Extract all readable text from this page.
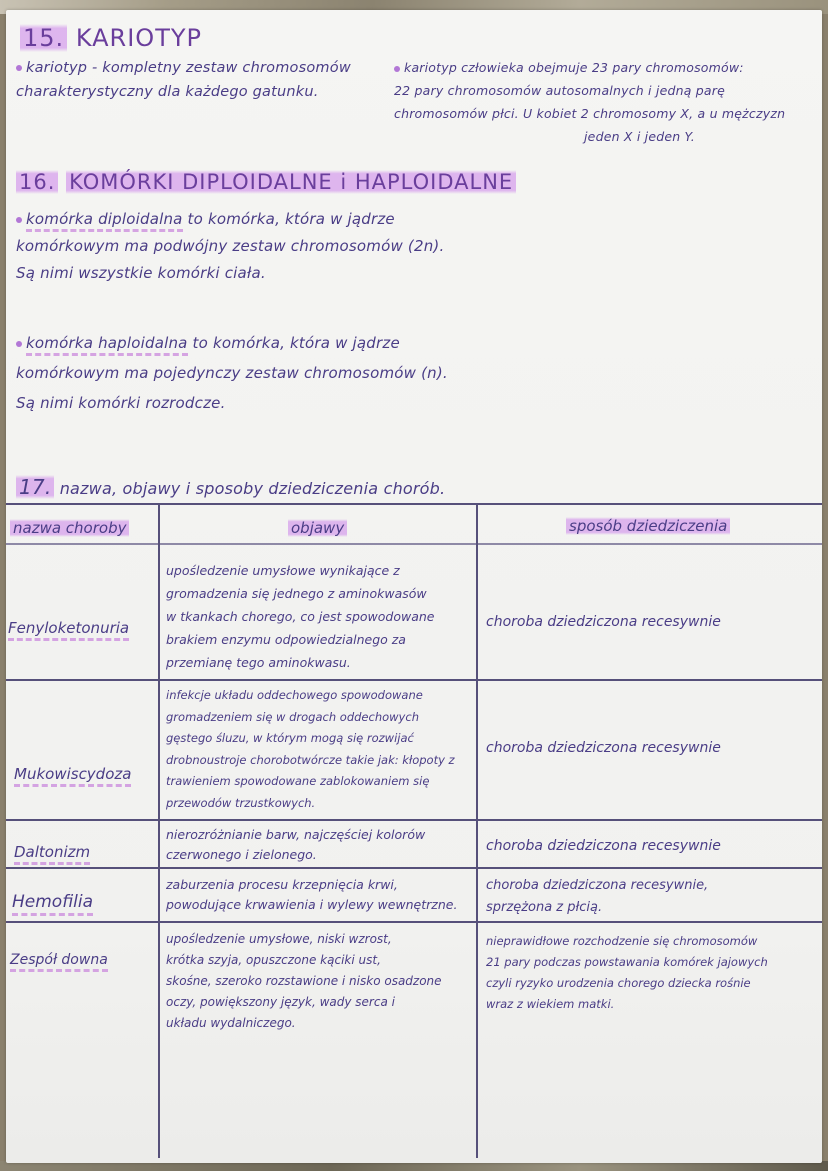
15. KARIOTYP
kariotyp - kompletny zestaw chromosomów
charakterystyczny dla każdego gatunku.
kariotyp człowieka obejmuje 23 pary chromosomów:
22 pary chromosomów autosomalnych i jedną parę
chromosomów płci. U kobiet 2 chromosomy X, a u mężczyzn
jeden X i jeden Y.
16. KOMÓRKI DIPLOIDALNE i HAPLOIDALNE
komórka diploidalna to komórka, która w jądrze
komórkowym ma podwójny zestaw chromosomów (2n).
Są nimi wszystkie komórki ciała.
komórka haploidalna to komórka, która w jądrze
komórkowym ma pojedynczy zestaw chromosomów (n).
Są nimi komórki rozrodcze.
17. nazwa, objawy i sposoby dziedziczenia chorób.
nazwa choroby	objawy	sposób dziedziczenia
Fenyloketonuria
upośledzenie umysłowe wynikające z
gromadzenia się jednego z aminokwasów
w tkankach chorego, co jest spowodowane
brakiem enzymu odpowiedzialnego za
przemianę tego aminokwasu.
choroba dziedziczona recesywnie
Mukowiscydoza
infekcje układu oddechowego spowodowane
gromadzeniem się w drogach oddechowych
gęstego śluzu, w którym mogą się rozwijać
drobnoustroje chorobotwórcze takie jak: kłopoty z
trawieniem spowodowane zablokowaniem się
przewodów trzustkowych.
choroba dziedziczona recesywnie
Daltonizm
nierozróżnianie barw, najczęściej kolorów
czerwonego i zielonego.
choroba dziedziczona recesywnie
Hemofilia
zaburzenia procesu krzepnięcia krwi,
powodujące krwawienia i wylewy wewnętrzne.
choroba dziedziczona recesywnie,
sprzężona z płcią.
Zespół downa
upośledzenie umysłowe, niski wzrost,
krótka szyja, opuszczone kąciki ust,
skośne, szeroko rozstawione i nisko osadzone
oczy, powiększony język, wady serca i
układu wydalniczego.
nieprawidłowe rozchodzenie się chromosomów
21 pary podczas powstawania komórek jajowych
czyli ryzyko urodzenia chorego dziecka rośnie
wraz z wiekiem matki.
